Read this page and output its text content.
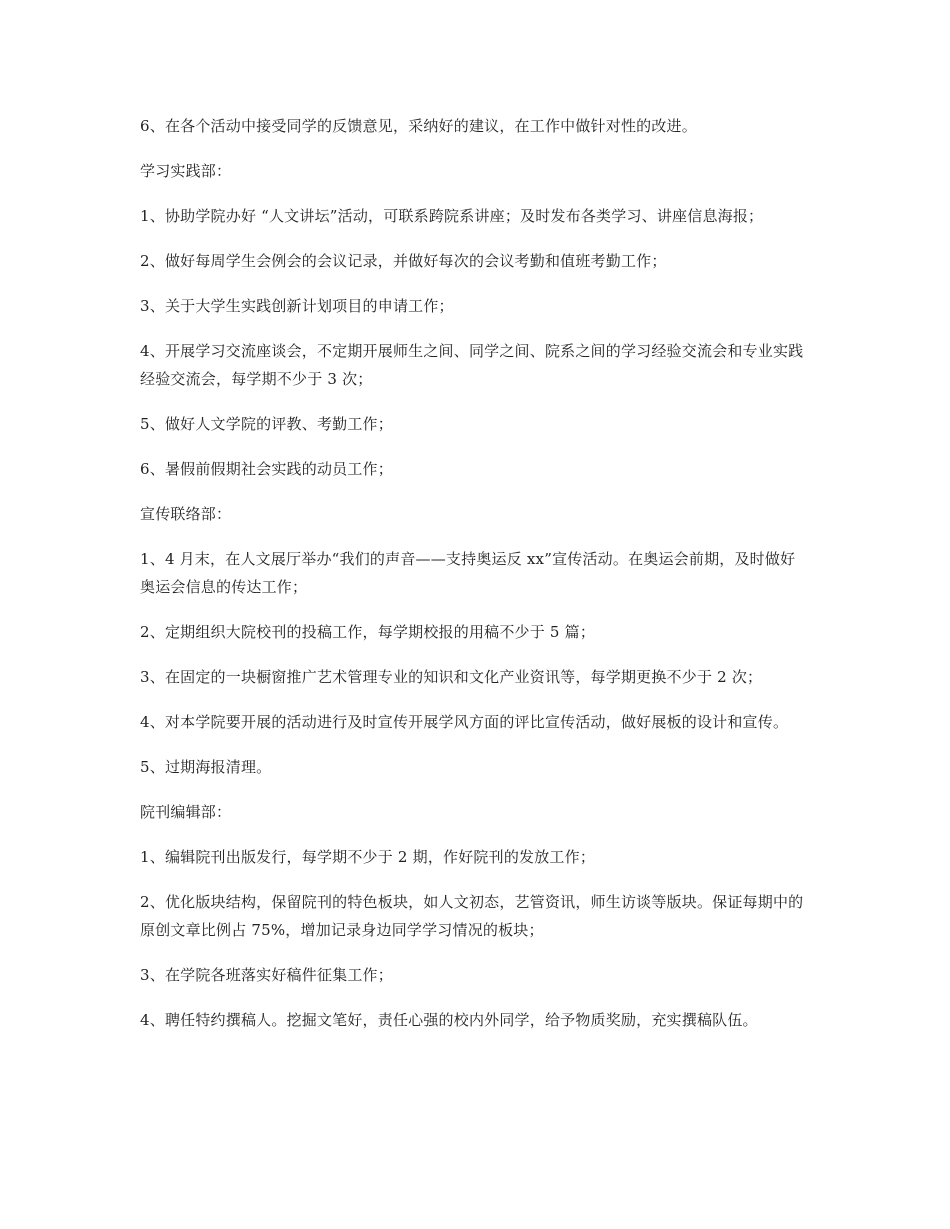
6、在各个活动中接受同学的反馈意见，采纳好的建议，在工作中做针对性的改进。

学习实践部：

1、协助学院办好 “人文讲坛”活动，可联系跨院系讲座；及时发布各类学习、讲座信息海报；

2、做好每周学生会例会的会议记录，并做好每次的会议考勤和值班考勤工作；

3、关于大学生实践创新计划项目的申请工作；

4、开展学习交流座谈会，不定期开展师生之间、同学之间、院系之间的学习经验交流会和专业实践经验交流会，每学期不少于 3 次；

5、做好人文学院的评教、考勤工作；

6、暑假前假期社会实践的动员工作；

宣传联络部：

1、4 月末，在人文展厅举办“我们的声音——支持奥运反 xx”宣传活动。在奥运会前期，及时做好奥运会信息的传达工作；

2、定期组织大院校刊的投稿工作，每学期校报的用稿不少于 5 篇；

3、在固定的一块橱窗推广艺术管理专业的知识和文化产业资讯等，每学期更换不少于 2 次；

4、对本学院要开展的活动进行及时宣传开展学风方面的评比宣传活动，做好展板的设计和宣传。

5、过期海报清理。

院刊编辑部：

1、编辑院刊出版发行，每学期不少于 2 期，作好院刊的发放工作；

2、优化版块结构，保留院刊的特色板块，如人文初态，艺管资讯，师生访谈等版块。保证每期中的原创文章比例占 75%，增加记录身边同学学习情况的板块；

3、在学院各班落实好稿件征集工作；

4、聘任特约撰稿人。挖掘文笔好，责任心强的校内外同学，给予物质奖励，充实撰稿队伍。
